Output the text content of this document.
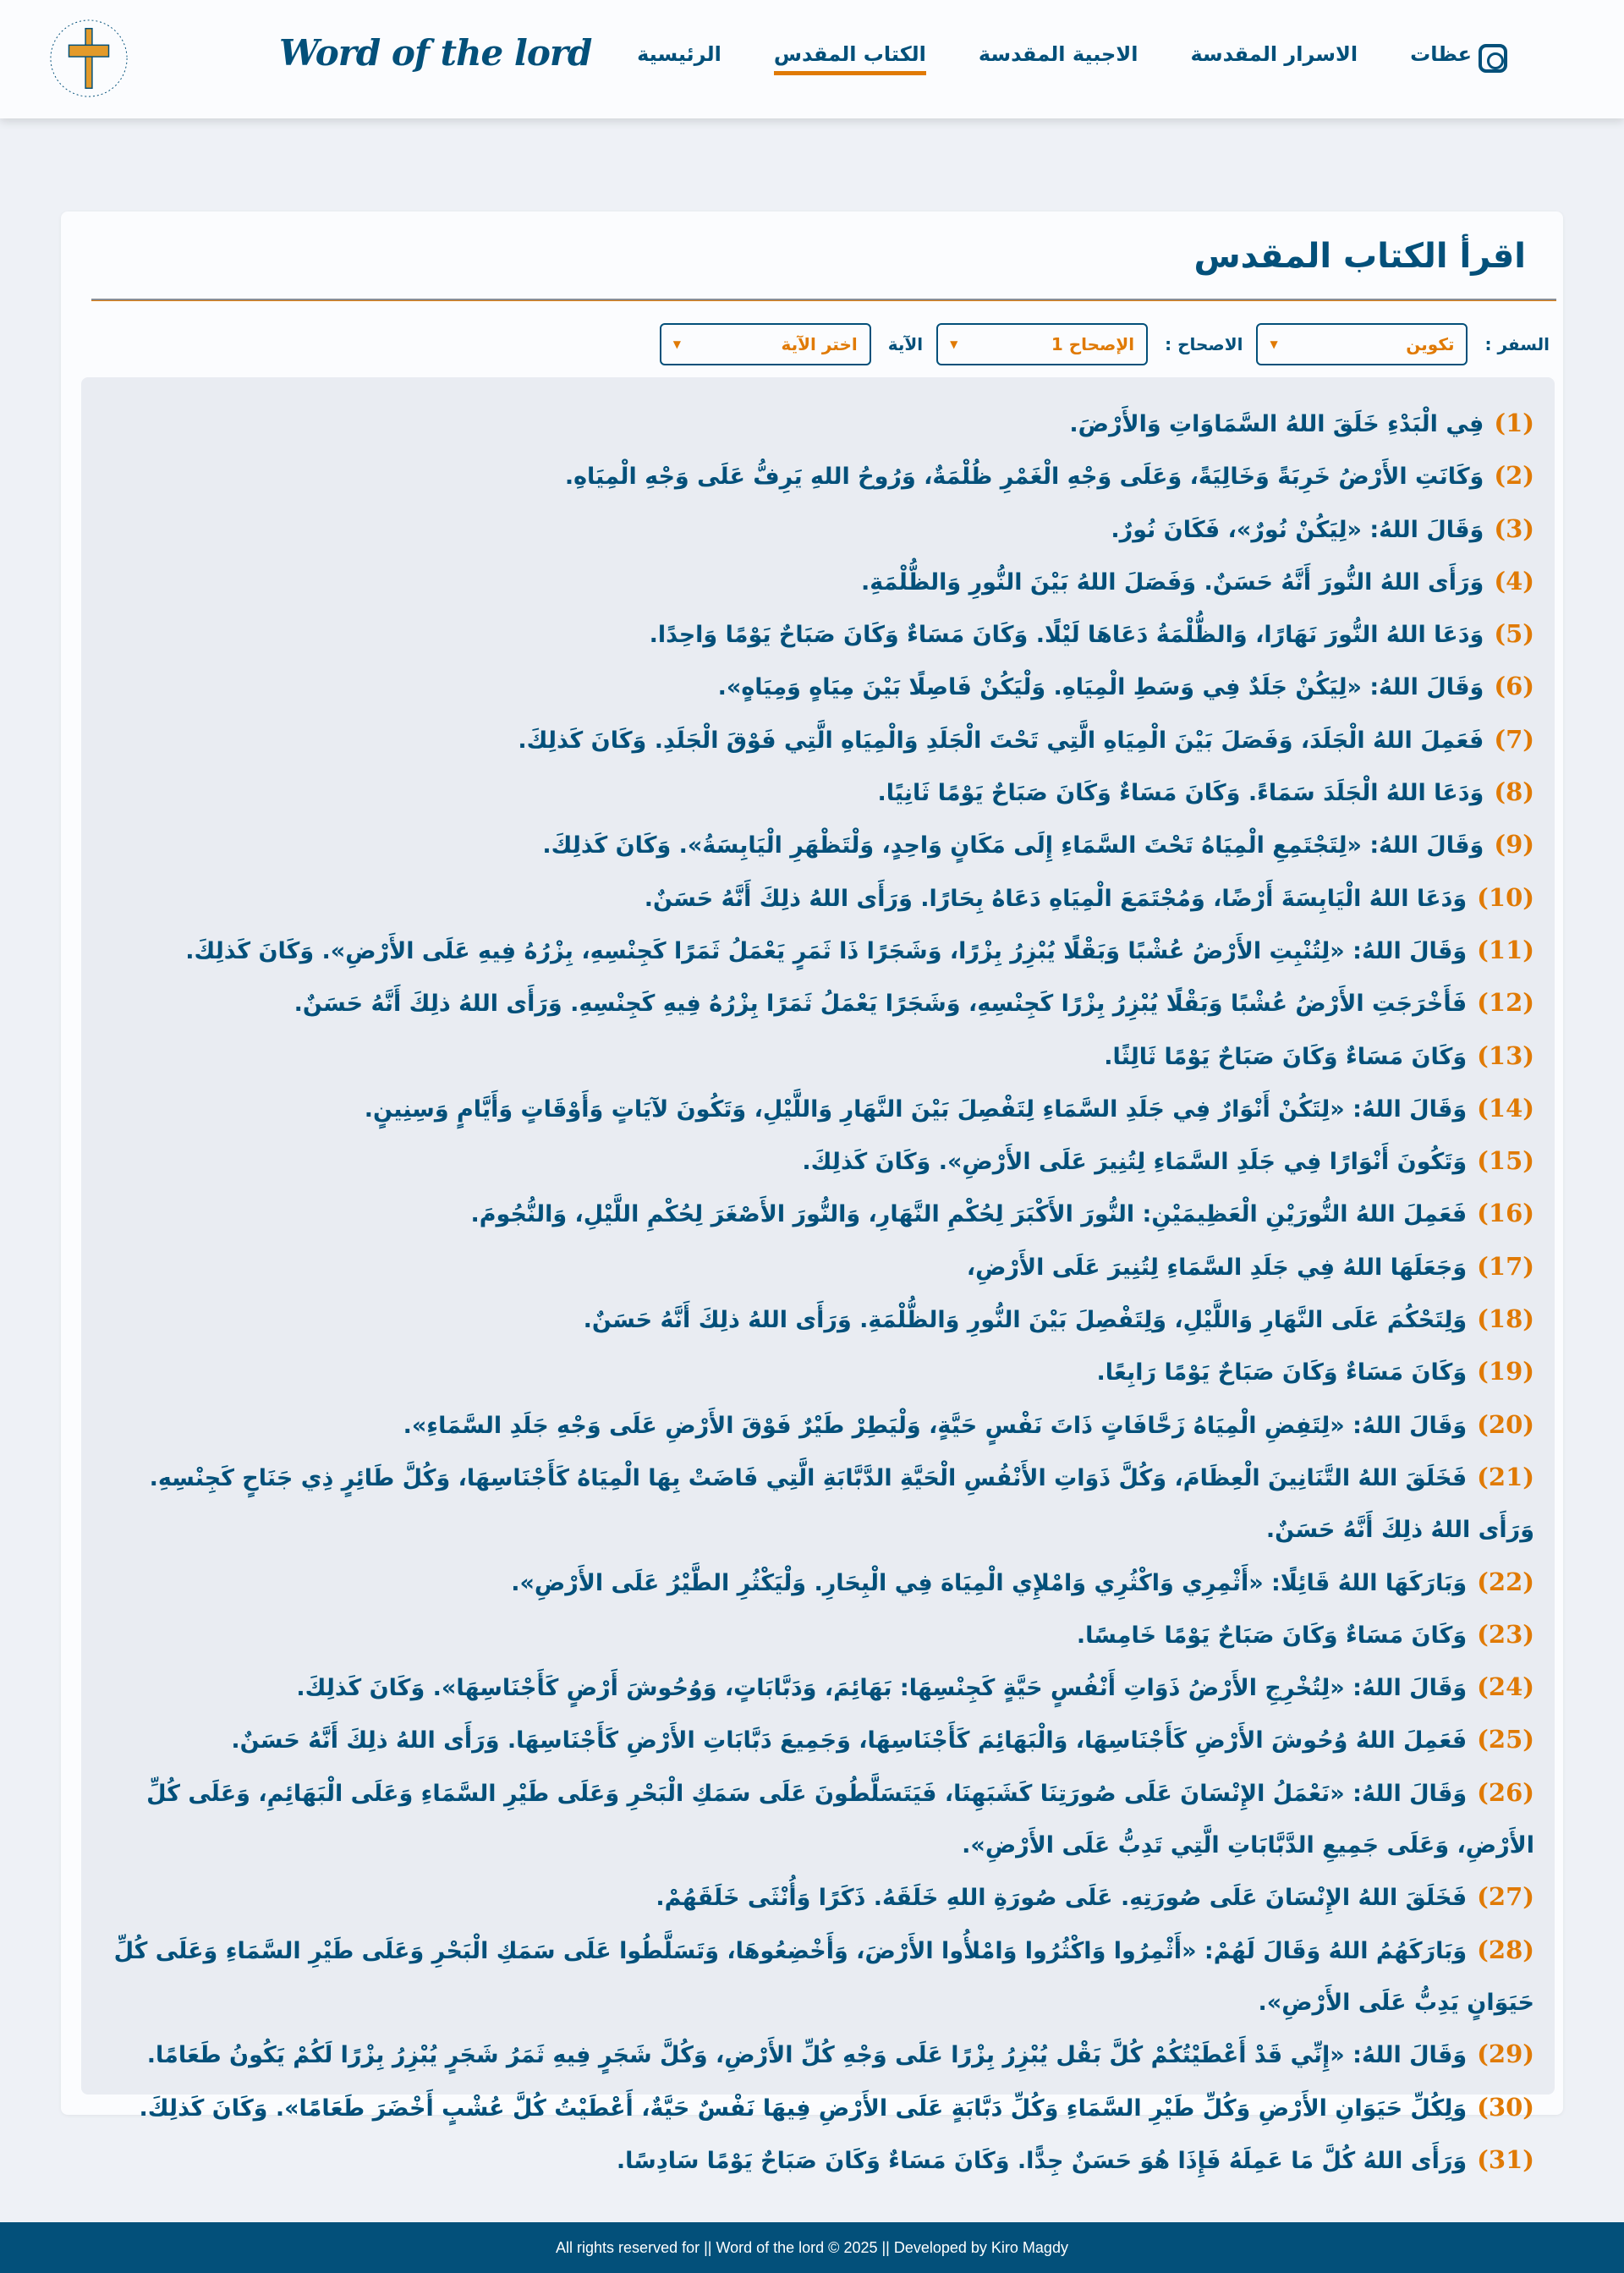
Word of the lord الرئيسية	الكتاب المقدس	الاجبية المقدسة	الاسرار المقدسة	عظات
اقرأ الكتاب المقدس
السفر :
تكوين
▼
الاصحاح :
الإصحاح 1
▼
الآية
اختر الآية
▼

(1)فِي الْبَدْءِ خَلَقَ اللهُ السَّمَاوَاتِ وَالأَرْضَ.

(2)وَكَانَتِ الأَرْضُ خَرِبَةً وَخَالِيَةً، وَعَلَى وَجْهِ الْغَمْرِ ظُلْمَةٌ، وَرُوحُ اللهِ يَرِفُّ عَلَى وَجْهِ الْمِيَاهِ.

(3)وَقَالَ اللهُ: «لِيَكُنْ نُورٌ»، فَكَانَ نُورٌ.

(4)وَرَأَى اللهُ النُّورَ أَنَّهُ حَسَنٌ. وَفَصَلَ اللهُ بَيْنَ النُّورِ وَالظُّلْمَةِ.

(5)وَدَعَا اللهُ النُّورَ نَهَارًا، وَالظُّلْمَةُ دَعَاهَا لَيْلًا. وَكَانَ مَسَاءٌ وَكَانَ صَبَاحٌ يَوْمًا وَاحِدًا.

(6)وَقَالَ اللهُ: «لِيَكُنْ جَلَدٌ فِي وَسَطِ الْمِيَاهِ. وَلْيَكُنْ فَاصِلًا بَيْنَ مِيَاهٍ وَمِيَاهٍ».

(7)فَعَمِلَ اللهُ الْجَلَدَ، وَفَصَلَ بَيْنَ الْمِيَاهِ الَّتِي تَحْتَ الْجَلَدِ وَالْمِيَاهِ الَّتِي فَوْقَ الْجَلَدِ. وَكَانَ كَذلِكَ.

(8)وَدَعَا اللهُ الْجَلَدَ سَمَاءً. وَكَانَ مَسَاءٌ وَكَانَ صَبَاحٌ يَوْمًا ثَانِيًا.

(9)وَقَالَ اللهُ: «لِتَجْتَمِعِ الْمِيَاهُ تَحْتَ السَّمَاءِ إِلَى مَكَانٍ وَاحِدٍ، وَلْتَظْهَرِ الْيَابِسَةُ». وَكَانَ كَذلِكَ.

(10)وَدَعَا اللهُ الْيَابِسَةَ أَرْضًا، وَمُجْتَمَعَ الْمِيَاهِ دَعَاهُ بِحَارًا. وَرَأَى اللهُ ذلِكَ أَنَّهُ حَسَنٌ.

(11)وَقَالَ اللهُ: «لِتُنْبِتِ الأَرْضُ عُشْبًا وَبَقْلًا يُبْزِرُ بِزْرًا، وَشَجَرًا ذَا ثَمَرٍ يَعْمَلُ ثَمَرًا كَجِنْسِهِ، بِزْرُهُ فِيهِ عَلَى الأَرْضِ». وَكَانَ كَذلِكَ.

(12)فَأَخْرَجَتِ الأَرْضُ عُشْبًا وَبَقْلًا يُبْزِرُ بِزْرًا كَجِنْسِهِ، وَشَجَرًا يَعْمَلُ ثَمَرًا بِزْرُهُ فِيهِ كَجِنْسِهِ. وَرَأَى اللهُ ذلِكَ أَنَّهُ حَسَنٌ.

(13)وَكَانَ مَسَاءٌ وَكَانَ صَبَاحٌ يَوْمًا ثَالِثًا.

(14)وَقَالَ اللهُ: «لِتَكُنْ أَنْوَارٌ فِي جَلَدِ السَّمَاءِ لِتَفْصِلَ بَيْنَ النَّهَارِ وَاللَّيْلِ، وَتَكُونَ لآيَاتٍ وَأَوْقَاتٍ وَأَيَّامٍ وَسِنِينٍ.

(15)وَتَكُونَ أَنْوَارًا فِي جَلَدِ السَّمَاءِ لِتُنِيرَ عَلَى الأَرْضِ». وَكَانَ كَذلِكَ.

(16)فَعَمِلَ اللهُ النُّورَيْنِ الْعَظِيمَيْنِ: النُّورَ الأَكْبَرَ لِحُكْمِ النَّهَارِ، وَالنُّورَ الأَصْغَرَ لِحُكْمِ اللَّيْلِ، وَالنُّجُومَ.

(17)وَجَعَلَهَا اللهُ فِي جَلَدِ السَّمَاءِ لِتُنِيرَ عَلَى الأَرْضِ،

(18)وَلِتَحْكُمَ عَلَى النَّهَارِ وَاللَّيْلِ، وَلِتَفْصِلَ بَيْنَ النُّورِ وَالظُّلْمَةِ. وَرَأَى اللهُ ذلِكَ أَنَّهُ حَسَنٌ.

(19)وَكَانَ مَسَاءٌ وَكَانَ صَبَاحٌ يَوْمًا رَابِعًا.

(20)وَقَالَ اللهُ: «لِتَفِضِ الْمِيَاهُ زَحَّافَاتٍ ذَاتَ نَفْسٍ حَيَّةٍ، وَلْيَطِرْ طَيْرٌ فَوْقَ الأَرْضِ عَلَى وَجْهِ جَلَدِ السَّمَاءِ».

(21)فَخَلَقَ اللهُ التَّنَانِينَ الْعِظَامَ، وَكُلَّ ذَوَاتِ الأَنْفُسِ الْحَيَّةِ الدَّبَّابَةِ الَّتِي فَاضَتْ بِهَا الْمِيَاهُ كَأَجْنَاسِهَا، وَكُلَّ طَائِرٍ ذِي جَنَاحٍ كَجِنْسِهِ. وَرَأَى اللهُ ذلِكَ أَنَّهُ حَسَنٌ.

(22)وَبَارَكَهَا اللهُ قَائِلًا: «أَثْمِرِي وَاكْثُرِي وَامْلإِي الْمِيَاهَ فِي الْبِحَارِ. وَلْيَكْثُرِ الطَّيْرُ عَلَى الأَرْضِ».

(23)وَكَانَ مَسَاءٌ وَكَانَ صَبَاحٌ يَوْمًا خَامِسًا.

(24)وَقَالَ اللهُ: «لِتُخْرِجِ الأَرْضُ ذَوَاتِ أَنْفُسٍ حَيَّةٍ كَجِنْسِهَا: بَهَائِمَ، وَدَبَّابَاتٍ، وَوُحُوشَ أَرْضٍ كَأَجْنَاسِهَا». وَكَانَ كَذلِكَ.

(25)فَعَمِلَ اللهُ وُحُوشَ الأَرْضِ كَأَجْنَاسِهَا، وَالْبَهَائِمَ كَأَجْنَاسِهَا، وَجَمِيعَ دَبَّابَاتِ الأَرْضِ كَأَجْنَاسِهَا. وَرَأَى اللهُ ذلِكَ أَنَّهُ حَسَنٌ.

(26)وَقَالَ اللهُ: «نَعْمَلُ الإِنْسَانَ عَلَى صُورَتِنَا كَشَبَهِنَا، فَيَتَسَلَّطُونَ عَلَى سَمَكِ الْبَحْرِ وَعَلَى طَيْرِ السَّمَاءِ وَعَلَى الْبَهَائِمِ، وَعَلَى كُلِّ الأَرْضِ، وَعَلَى جَمِيعِ الدَّبَّابَاتِ الَّتِي تَدِبُّ عَلَى الأَرْضِ».

(27)فَخَلَقَ اللهُ الإِنْسَانَ عَلَى صُورَتِهِ. عَلَى صُورَةِ اللهِ خَلَقَهُ. ذَكَرًا وَأُنْثَى خَلَقَهُمْ.

(28)وَبَارَكَهُمُ اللهُ وَقَالَ لَهُمْ: «أَثْمِرُوا وَاكْثُرُوا وَامْلأُوا الأَرْضَ، وَأَخْضِعُوهَا، وَتَسَلَّطُوا عَلَى سَمَكِ الْبَحْرِ وَعَلَى طَيْرِ السَّمَاءِ وَعَلَى كُلِّ حَيَوَانٍ يَدِبُّ عَلَى الأَرْضِ».

(29)وَقَالَ اللهُ: «إِنِّي قَدْ أَعْطَيْتُكُمْ كُلَّ بَقْل يُبْزِرُ بِزْرًا عَلَى وَجْهِ كُلِّ الأَرْضِ، وَكُلَّ شَجَرٍ فِيهِ ثَمَرُ شَجَرٍ يُبْزِرُ بِزْرًا لَكُمْ يَكُونُ طَعَامًا.

(30)وَلِكُلِّ حَيَوَانِ الأَرْضِ وَكُلِّ طَيْرِ السَّمَاءِ وَكُلِّ دَبَّابَةٍ عَلَى الأَرْضِ فِيهَا نَفْسٌ حَيَّةٌ، أَعْطَيْتُ كُلَّ عُشْبٍ أَخْضَرَ طَعَامًا». وَكَانَ كَذلِكَ.

(31)وَرَأَى اللهُ كُلَّ مَا عَمِلَهُ فَإِذَا هُوَ حَسَنٌ جِدًّا. وَكَانَ مَسَاءٌ وَكَانَ صَبَاحٌ يَوْمًا سَادِسًا.

All rights reserved for || Word of the lord © 2025 || Developed by Kiro Magdy
